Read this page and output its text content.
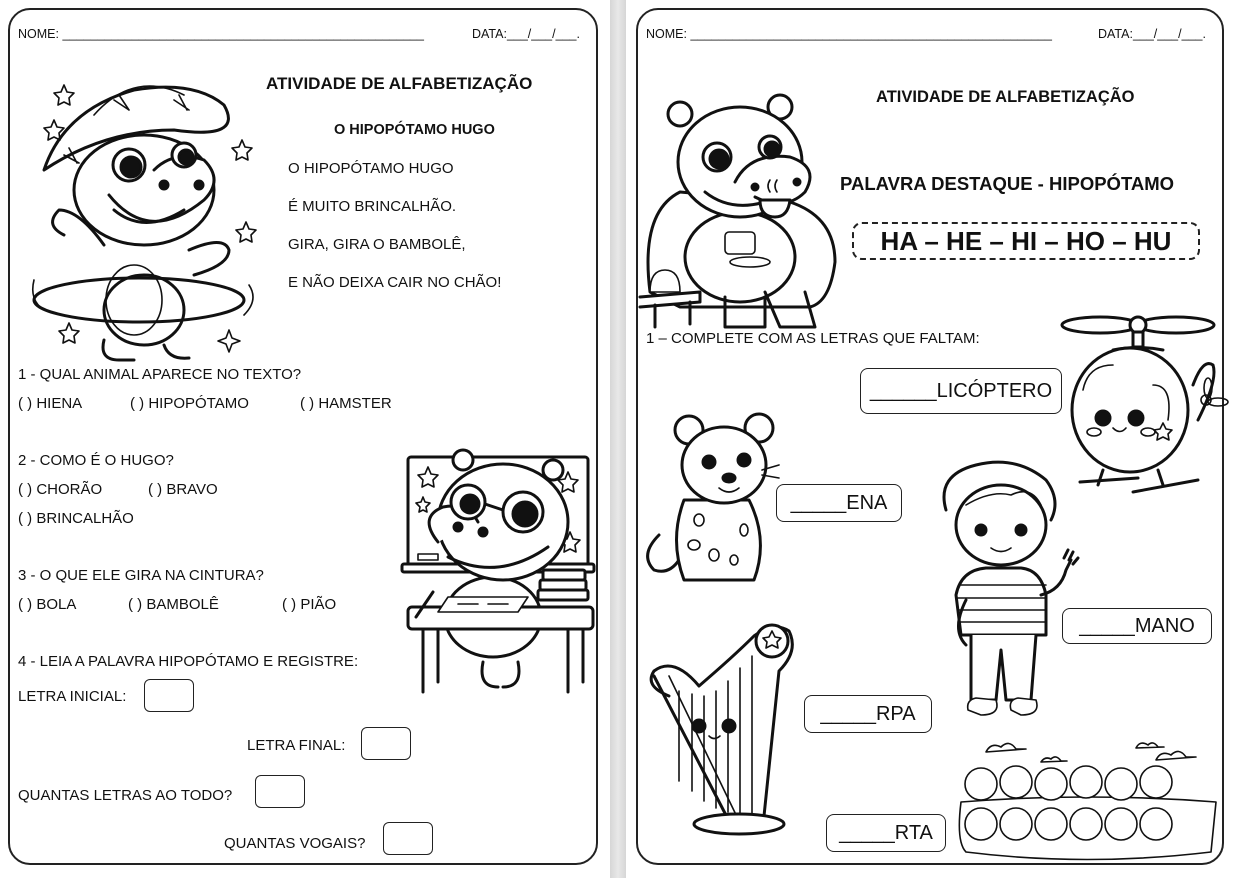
NOME: ____________________________________________________	DATA:___/___/___.
ATIVIDADE DE ALFABETIZAÇÃO
O HIPOPÓTAMO HUGO
O HIPOPÓTAMO HUGO
É MUITO BRINCALHÃO.
GIRA, GIRA O BAMBOLÊ,
E NÃO DEIXA CAIR NO CHÃO!
1 - QUAL ANIMAL APARECE NO TEXTO?
( ) HIENA	( ) HIPOPÓTAMO	( ) HAMSTER
2 - COMO É O HUGO?
( ) CHORÃO	( ) BRAVO
( ) BRINCALHÃO
3 - O QUE ELE GIRA NA CINTURA?
( ) BOLA	( ) BAMBOLÊ	( ) PIÃO
4 - LEIA A PALAVRA HIPOPÓTAMO E REGISTRE:
LETRA INICIAL:
LETRA FINAL:
QUANTAS LETRAS AO TODO?
QUANTAS VOGAIS?
NOME: ____________________________________________________	DATA:___/___/___.
ATIVIDADE DE ALFABETIZAÇÃO
PALAVRA DESTAQUE - HIPOPÓTAMO
HA – HE – HI – HO – HU
1 – COMPLETE COM AS LETRAS QUE FALTAM:
______ LICÓPTERO
_____ ENA
_____ MANO
_____ RPA
_____ RTA
